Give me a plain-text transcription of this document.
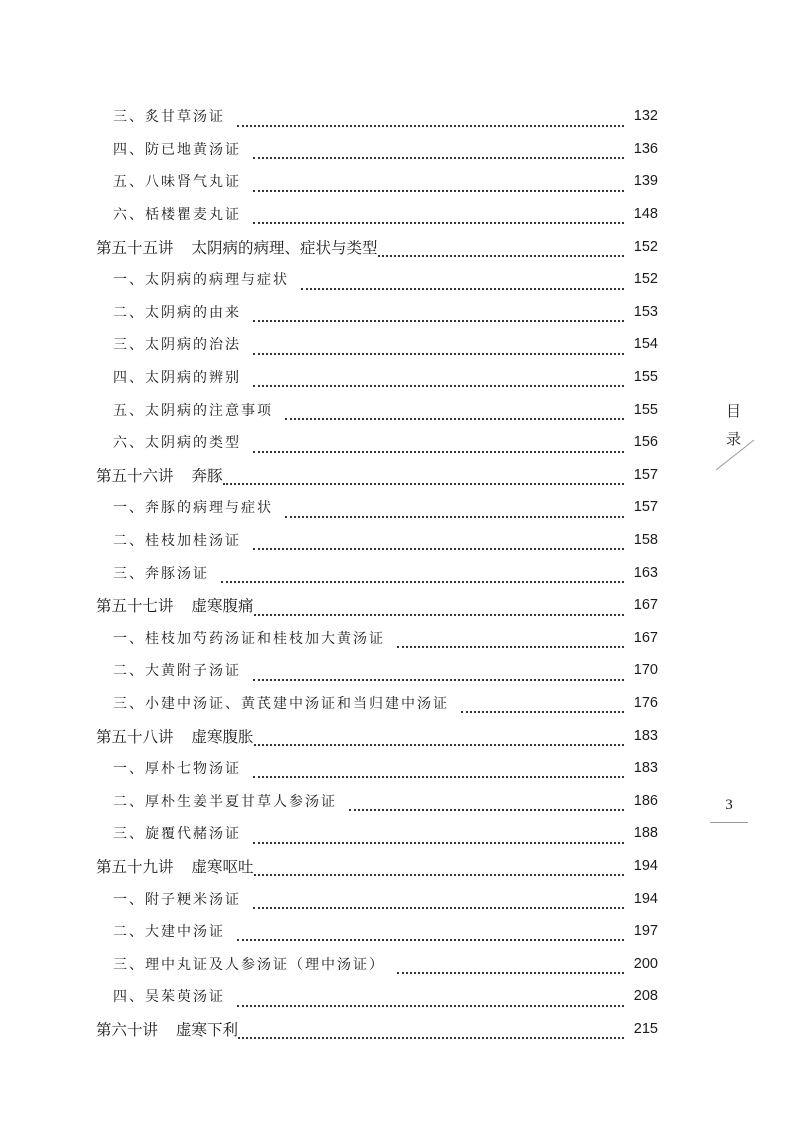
三、炙甘草汤证	132
四、防已地黄汤证	136
五、八味肾气丸证	139
六、栝楼瞿麦丸证	148
第五十五讲 太阴病的病理、症状与类型	152
一、太阴病的病理与症状	152
二、太阴病的由来	153
三、太阴病的治法	154
四、太阴病的辨别	155
五、太阴病的注意事项	155
六、太阴病的类型	156
第五十六讲 奔豚	157
一、奔豚的病理与症状	157
二、桂枝加桂汤证	158
三、奔豚汤证	163
第五十七讲 虚寒腹痛	167
一、桂枝加芍药汤证和桂枝加大黄汤证	167
二、大黄附子汤证	170
三、小建中汤证、黄芪建中汤证和当归建中汤证	176
第五十八讲 虚寒腹胀	183
一、厚朴七物汤证	183
二、厚朴生姜半夏甘草人参汤证	186
三、旋覆代赭汤证	188
第五十九讲 虚寒呕吐	194
一、附子粳米汤证	194
二、大建中汤证	197
三、理中丸证及人参汤证（理中汤证）	200
四、吴茱萸汤证	208
第六十讲 虚寒下利	215
目
录
3
